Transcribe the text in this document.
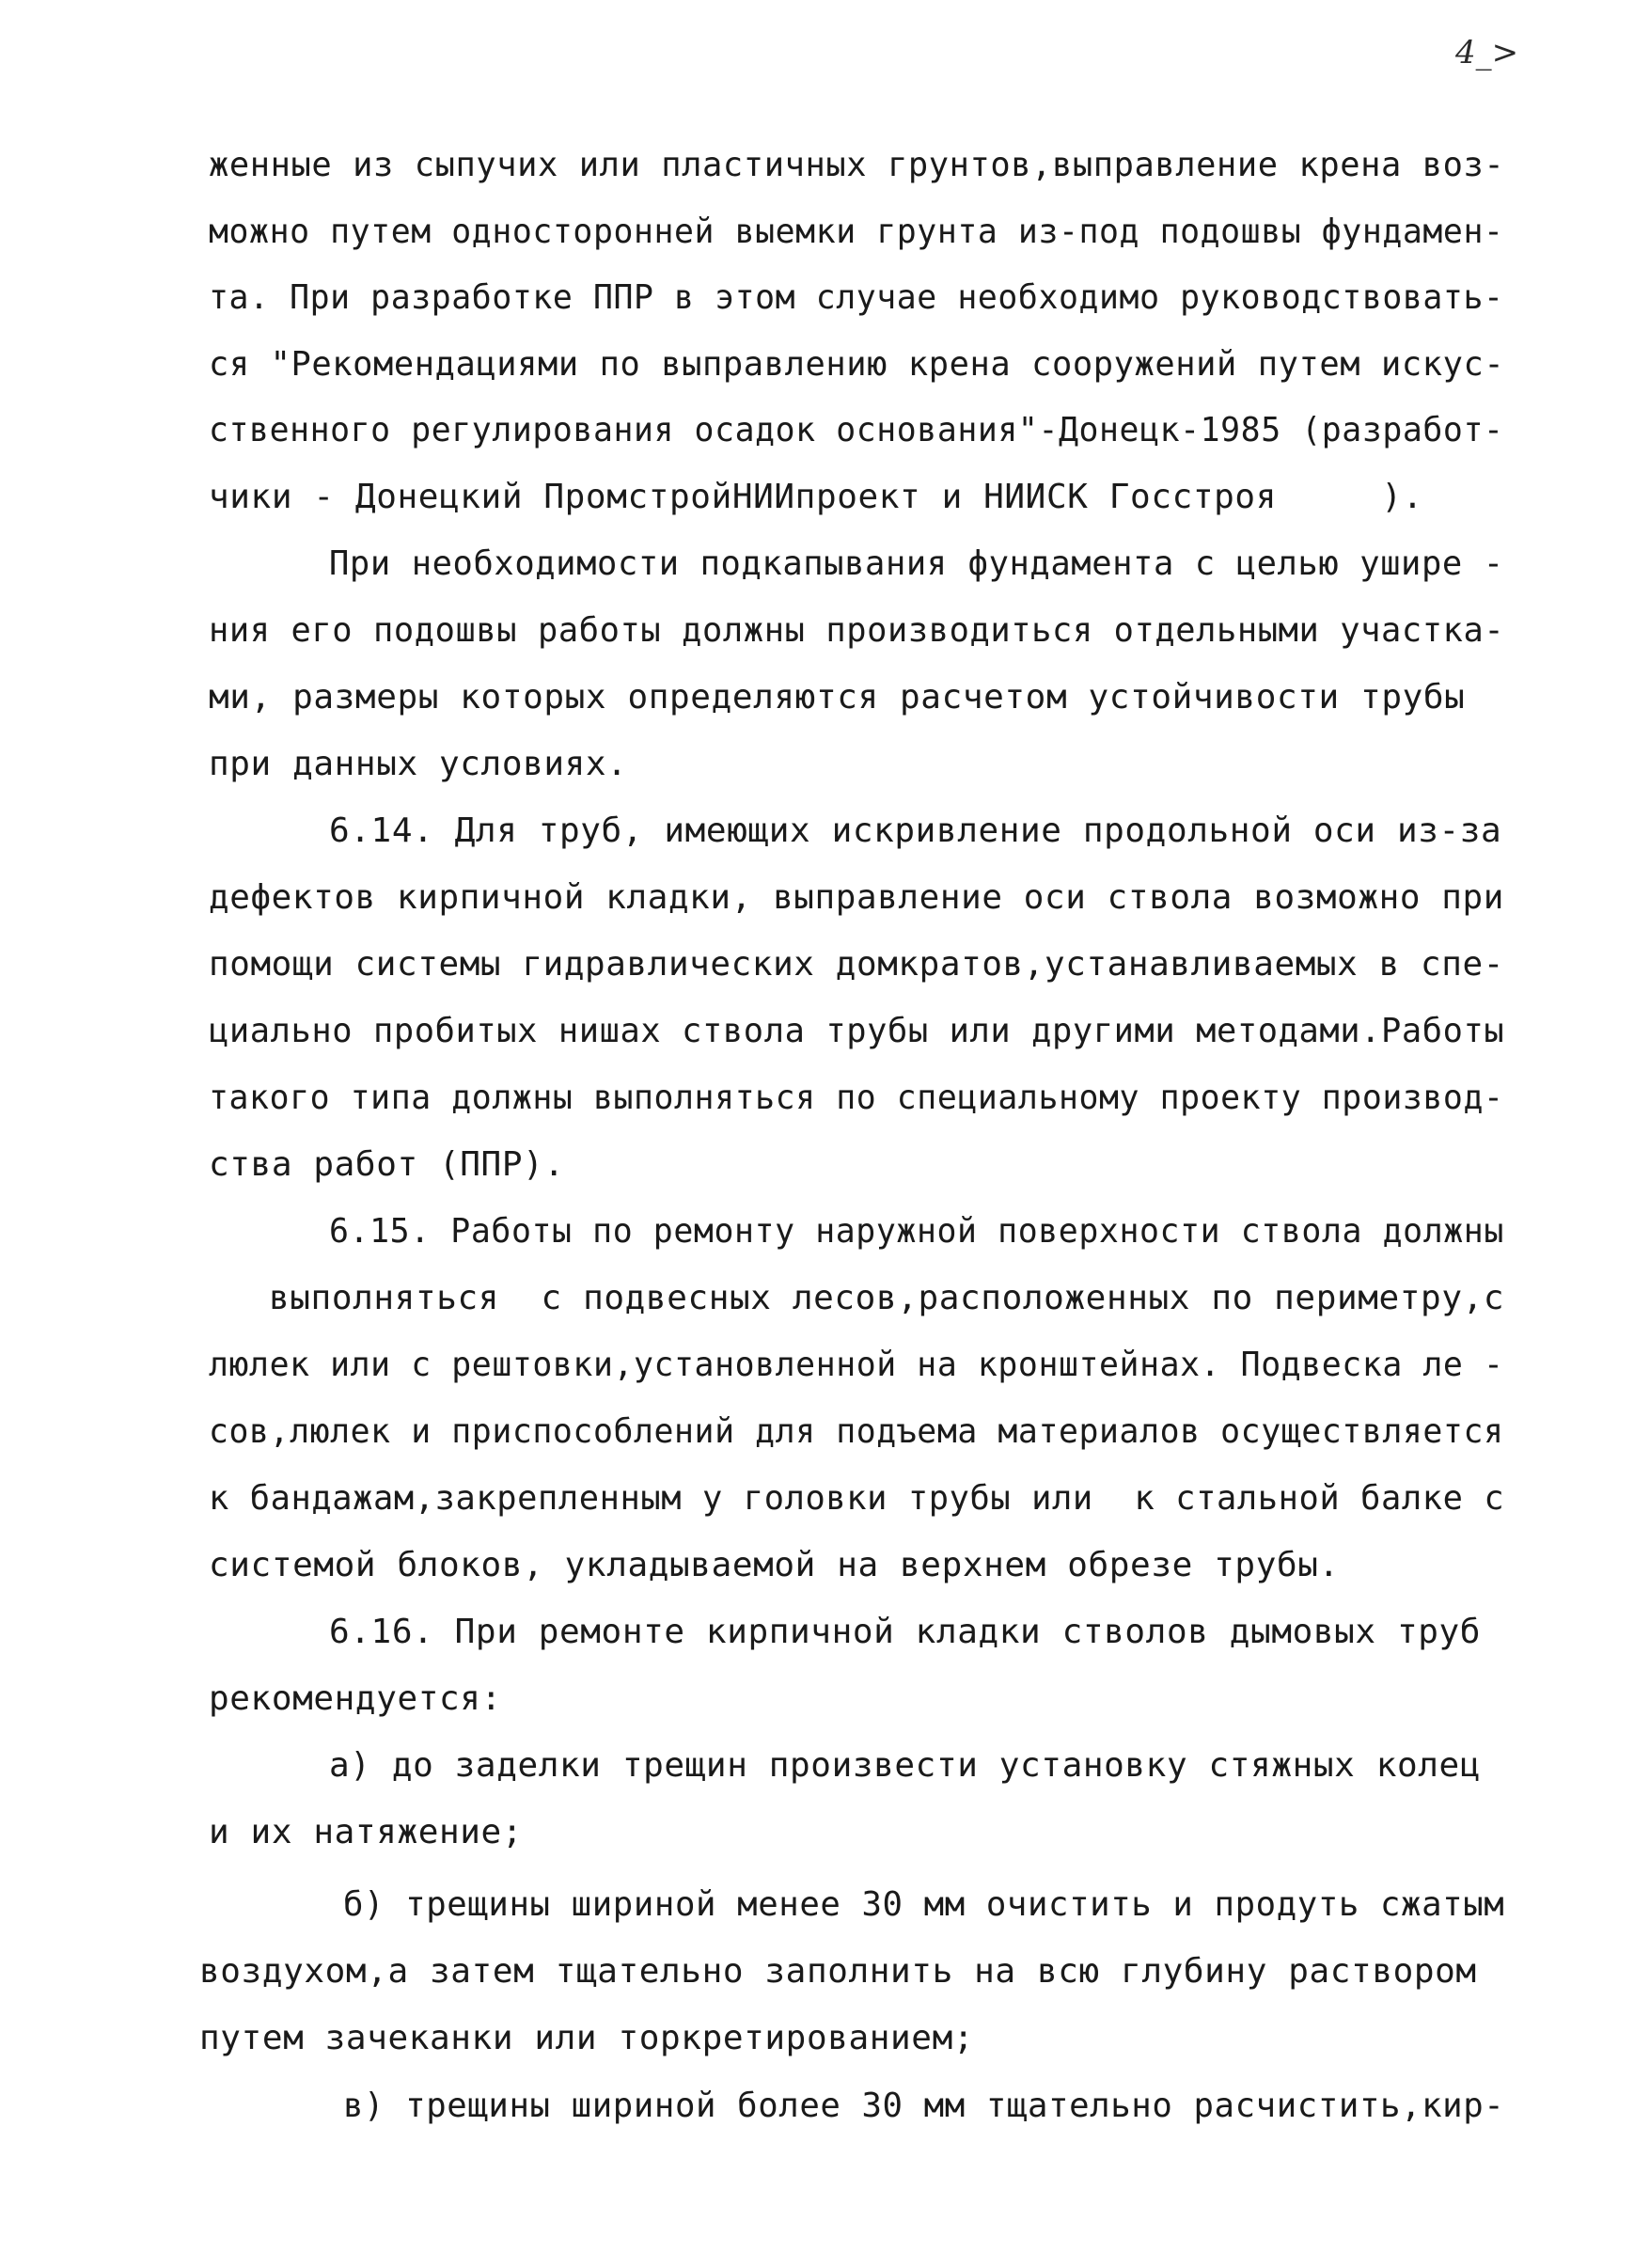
4_>
женные из сыпучих или пластичных грунтов,выправление крена воз-
можно путем односторонней выемки грунта из-под подошвы фундамен-
та. При разработке ППР в этом случае необходимо руководствовать-
ся "Рекомендациями по выправлению крена сооружений путем искус-
ственного регулирования осадок основания"-Донецк-1985 (разработ-
чики - Донецкий ПромстройНИИпроект и НИИСК Госстроя     ).
При необходимости подкапывания фундамента с целью уширe -
ния его подошвы работы должны производиться отдельными участка-
ми, размеры которых определяются расчетом устойчивости трубы
при данных условиях.
6.14. Для труб, имеющих искривление продольной оси из-за
дефектов кирпичной кладки, выправление оси ствола возможно при
помощи системы гидравлических домкратов,устанавливаемых в спе-
циально пробитых нишах ствола трубы или другими методами.Работы
такого типа должны выполняться по специальному проекту производ-
ства работ (ППР).
6.15. Работы по ремонту наружной поверхности ствола должны
выполняться  с подвесных лесов,расположенных по периметру,с
люлек или с рештовки,установленной на кронштейнах. Подвеска ле -
сов,люлек и приспособлений для подъема материалов осуществляется
к бандажам,закрепленным у головки трубы или  к стальной балке с
системой блоков, укладываемой на верхнем обрезе трубы.
6.16. При ремонте кирпичной кладки стволов дымовых труб
рекомендуется:
а) до заделки трещин произвести установку стяжных колец
и их натяжение;
б) трещины шириной менее 30 мм очистить и продуть сжатым
воздухом,а затем тщательно заполнить на всю глубину раствором
путем зачеканки или торкретированием;
в) трещины шириной более 30 мм тщательно расчистить,кир-
